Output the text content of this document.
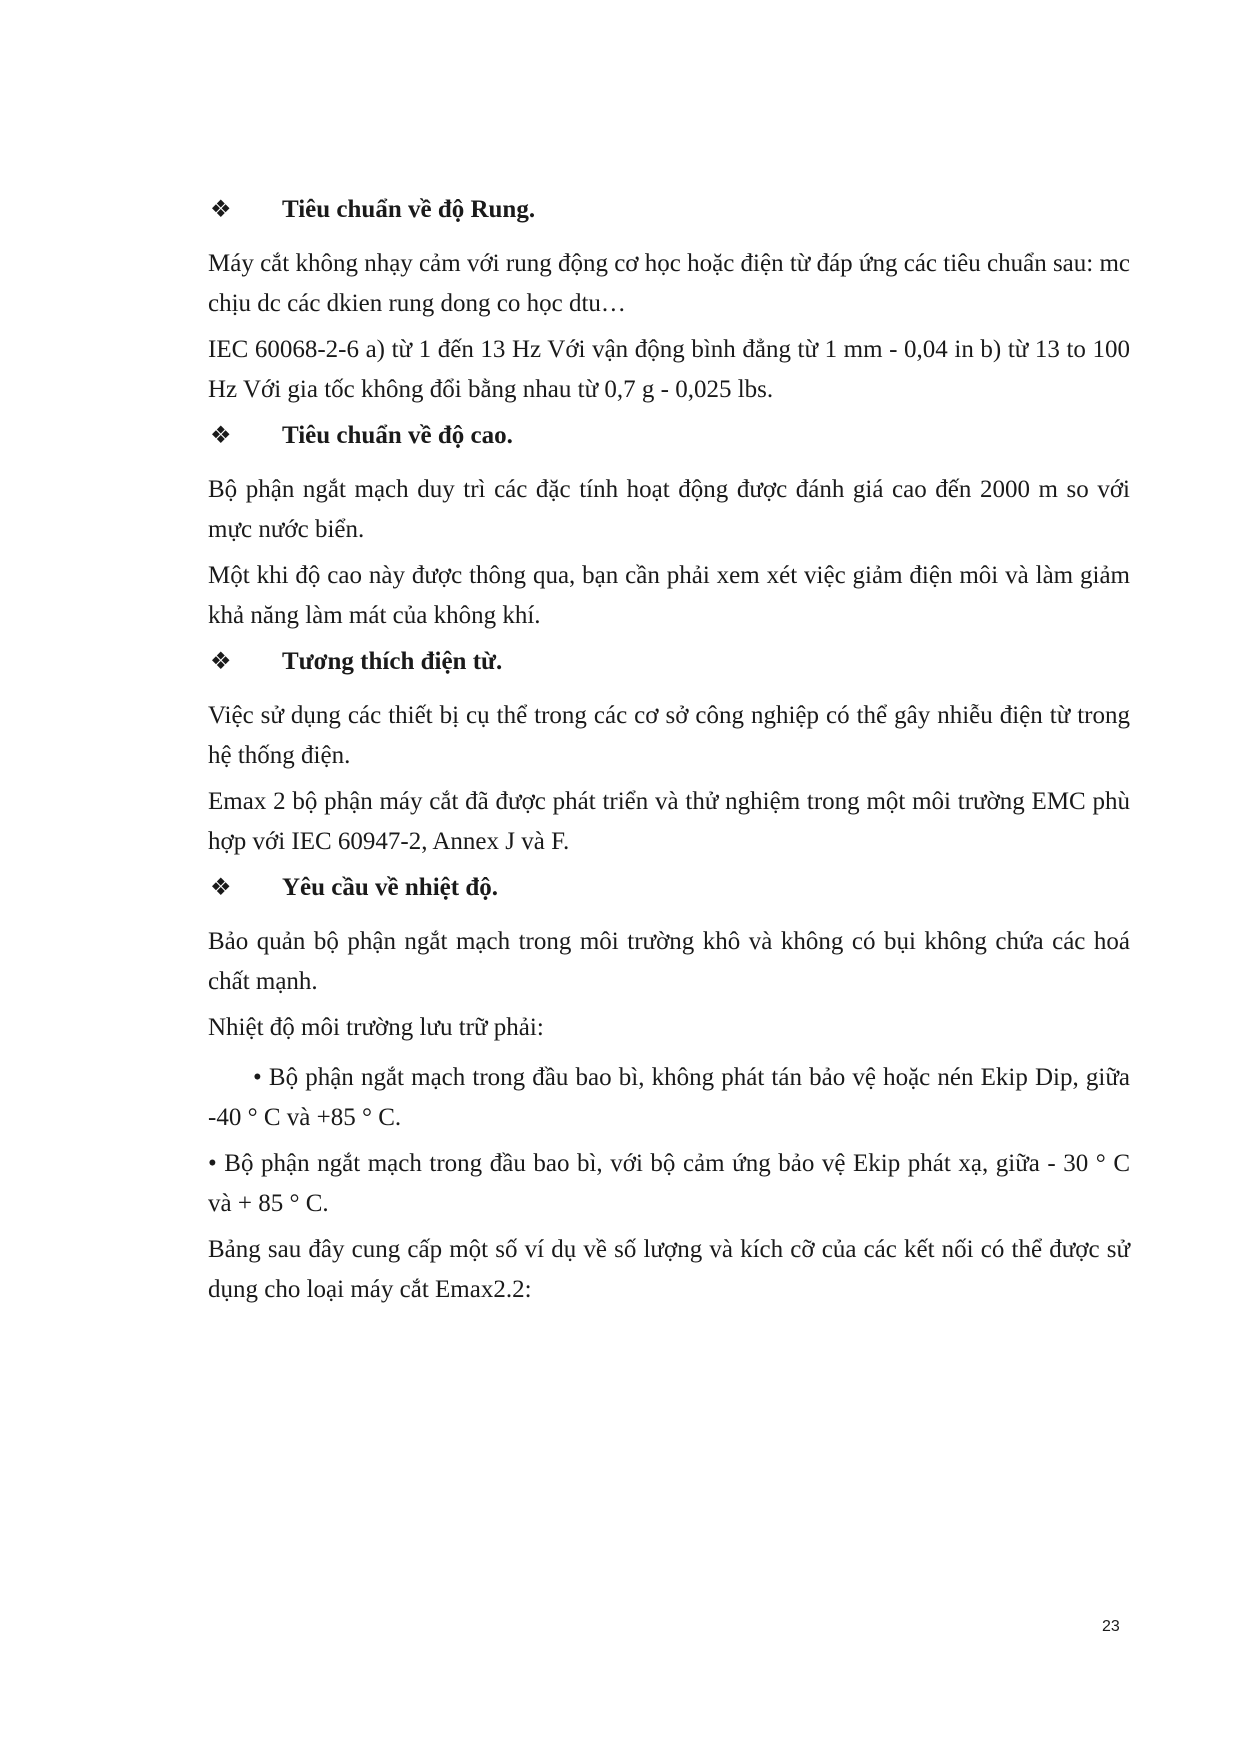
❖	Tiêu chuẩn về độ Rung.
Máy cắt không nhạy cảm với rung động cơ học hoặc điện từ đáp ứng các tiêu chuẩn sau: mc chịu dc các dkien rung dong co học dtu…
IEC 60068-2-6 a) từ 1 đến 13 Hz Với vận động bình đẳng từ 1 mm - 0,04 in b) từ 13 to 100 Hz Với gia tốc không đổi bằng nhau từ 0,7 g - 0,025 lbs.
❖	Tiêu chuẩn về độ cao.
Bộ phận ngắt mạch duy trì các đặc tính hoạt động được đánh giá cao đến 2000 m so với mực nước biển.
Một khi độ cao này được thông qua, bạn cần phải xem xét việc giảm điện môi và làm giảm khả năng làm mát của không khí.
❖	Tương thích điện từ.
Việc sử dụng các thiết bị cụ thể trong các cơ sở công nghiệp có thể gây nhiễu điện từ trong hệ thống điện.
Emax 2 bộ phận máy cắt đã được phát triển và thử nghiệm trong một môi trường EMC phù hợp với IEC 60947-2, Annex J và F.
❖	Yêu cầu về nhiệt độ.
Bảo quản bộ phận ngắt mạch trong môi trường khô và không có bụi không chứa các hoá chất mạnh.
Nhiệt độ môi trường lưu trữ phải:
• Bộ phận ngắt mạch trong đầu bao bì, không phát tán bảo vệ hoặc nén Ekip Dip, giữa -40 ° C và +85 ° C.
• Bộ phận ngắt mạch trong đầu bao bì, với bộ cảm ứng bảo vệ Ekip phát xạ, giữa - 30 ° C và + 85 ° C.
Bảng sau đây cung cấp một số ví dụ về số lượng và kích cỡ của các kết nối có thể được sử dụng cho loại máy cắt Emax2.2:
23
